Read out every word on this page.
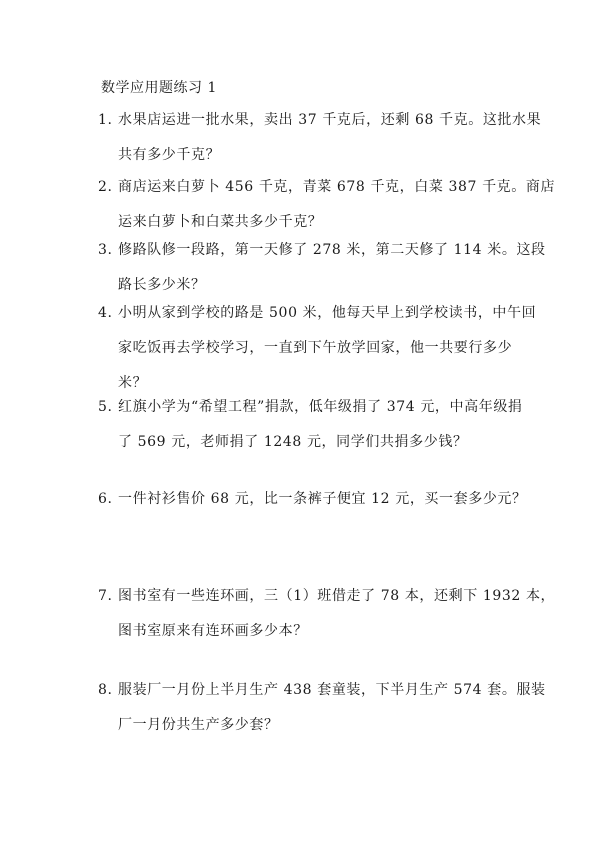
数学应用题练习 1
1. 水果店运进一批水果，卖出 37 千克后，还剩 68 千克。这批水果
共有多少千克？
2. 商店运来白萝卜 456 千克，青菜 678 千克，白菜 387 千克。商店
运来白萝卜和白菜共多少千克？
3. 修路队修一段路，第一天修了 278 米，第二天修了 114 米。这段
路长多少米？
4. 小明从家到学校的路是 500 米，他每天早上到学校读书，中午回
家吃饭再去学校学习，一直到下午放学回家，他一共要行多少
米？
5. 红旗小学为“希望工程”捐款，低年级捐了 374 元，中高年级捐
了 569 元，老师捐了 1248 元，同学们共捐多少钱？
6. 一件衬衫售价 68 元，比一条裤子便宜 12 元，买一套多少元？
7. 图书室有一些连环画，三（1）班借走了 78 本，还剩下 1932 本，
图书室原来有连环画多少本？
8. 服装厂一月份上半月生产 438 套童装，下半月生产 574 套。服装
厂一月份共生产多少套？
